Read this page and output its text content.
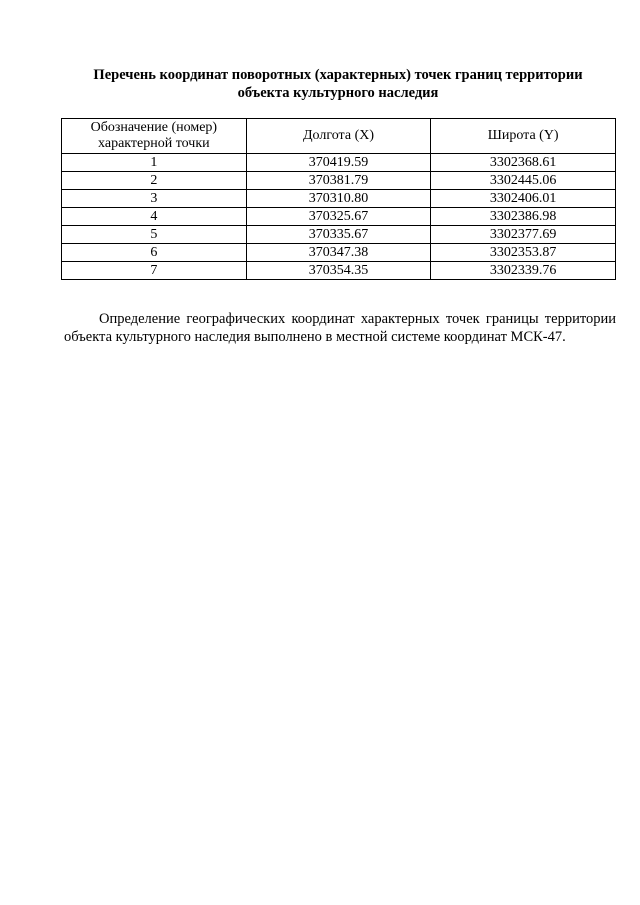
Перечень координат поворотных (характерных) точек границ территории
объекта культурного наследия
Обозначение (номер) характерной точки	Долгота (X)	Широта (Y)
1	370419.59	3302368.61
2	370381.79	3302445.06
3	370310.80	3302406.01
4	370325.67	3302386.98
5	370335.67	3302377.69
6	370347.38	3302353.87
7	370354.35	3302339.76

Определение географических координат характерных точек границы территории объекта культурного наследия выполнено в местной системе координат МСК-47.
